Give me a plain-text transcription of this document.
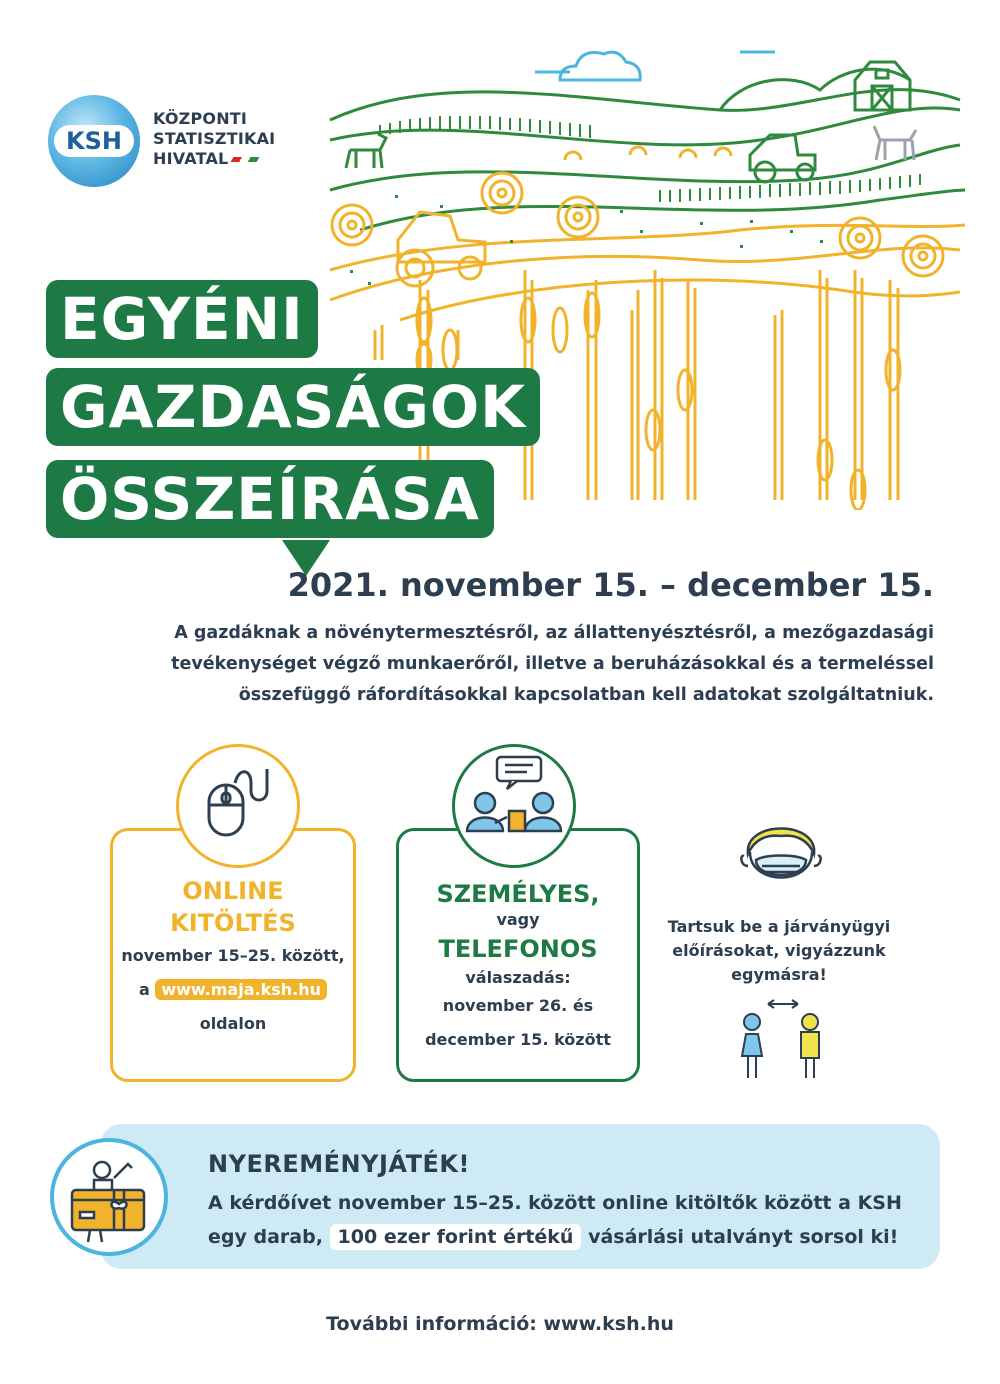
KSH
KÖZPONTI
STATISZTIKAI
HIVATAL
EGYÉNI
GAZDASÁGOK
ÖSSZEÍRÁSA
2021. november 15. – december 15.
A gazdáknak a növénytermesztésről, az állattenyésztésről, a mezőgazdasági
tevékenységet végző munkaerőről, illetve a beruházásokkal és a termeléssel
összefüggő ráfordításokkal kapcsolatban kell adatokat szolgáltatniuk.
ONLINE
KITÖLTÉS
november 15–25. között,
a www.maja.ksh.hu
oldalon
SZEMÉLYES,
vagy
TELEFONOS
válaszadás:
november 26. és
december 15. között
Tartsuk be a járványügyi
előírásokat, vigyázzunk
egymásra!
NYEREMÉNYJÁTÉK!
A kérdőívet november 15–25. között online kitöltők között a KSH
egy darab, 100 ezer forint értékű vásárlási utalványt sorsol ki!
További információ: www.ksh.hu
